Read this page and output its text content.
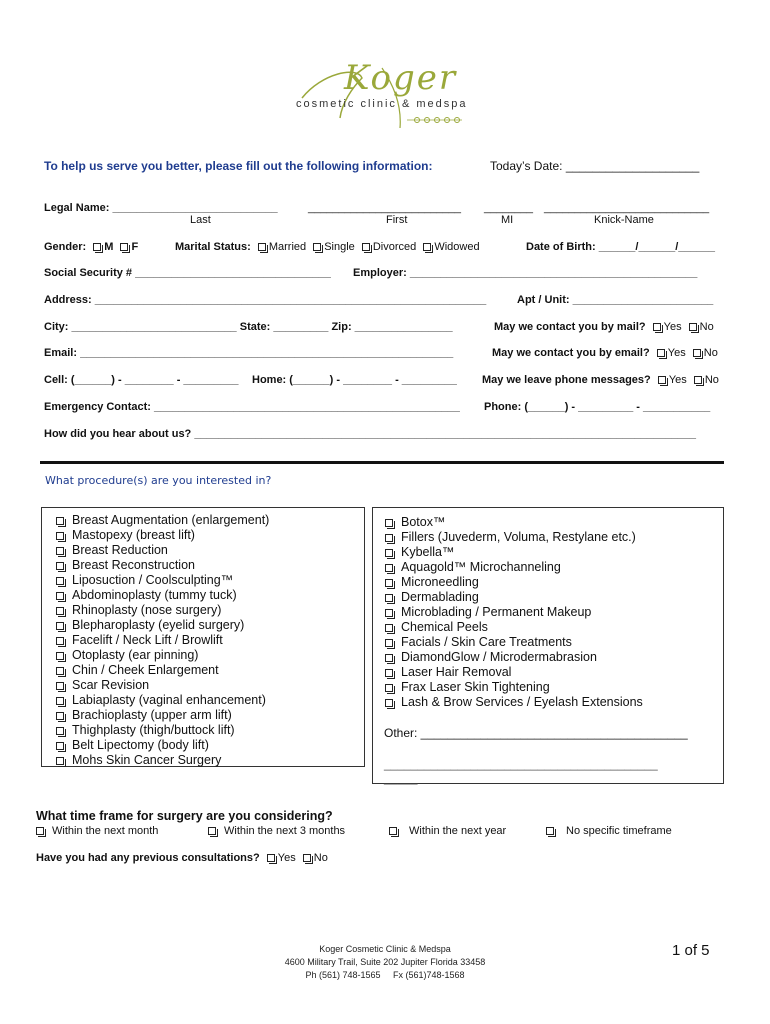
Koger
cosmetic clinic & medspa
To help us serve you better, please fill out the following information:	Today’s Date: ____________________
Legal Name: ___________________________	_________________________ ________ ___________________________
Last	First	MI	Knick-Name
Gender: M F	Marital Status: Married Single Divorced Widowed	Date of Birth: ______/______/______
Social Security # ________________________________ Employer: _______________________________________________
Address: ________________________________________________________________	Apt / Unit: _______________________
City: ___________________________ State: _________ Zip: ________________	May we contact you by mail? Yes No
Email: _____________________________________________________________	May we contact you by email? Yes No
Cell: (______) - ________ - _________ Home: (______) - ________ - _________ May we leave phone messages? Yes No
Emergency Contact: __________________________________________________ Phone: (______) - _________ - ___________
How did you hear about us? __________________________________________________________________________________
What procedure(s) are you interested in?
Breast Augmentation (enlargement)
Mastopexy (breast lift)
Breast Reduction
Breast Reconstruction
Liposuction / Coolsculpting™
Abdominoplasty (tummy tuck)
Rhinoplasty (nose surgery)
Blepharoplasty (eyelid surgery)
Facelift / Neck Lift / Browlift
Otoplasty (ear pinning)
Chin / Cheek Enlargement
Scar Revision
Labiaplasty (vaginal enhancement)
Brachioplasty (upper arm lift)
Thighplasty (thigh/buttock lift)
Belt Lipectomy (body lift)
Mohs Skin Cancer Surgery
Botox™
Fillers (Juvederm, Voluma, Restylane etc.)
Kybella™
Aquagold™ Microchanneling
Microneedling
Dermablading
Microblading / Permanent Makeup
Chemical Peels
Facials / Skin Care Treatments
DiamondGlow / Microdermabrasion
Laser Hair Removal
Frax Laser Skin Tightening
Lash & Brow Services / Eyelash Extensions
Other: ________________________________________
_________________________________________
_____
What time frame for surgery are you considering?
Within the next month	Within the next 3 months	Within the next year	No specific timeframe
Have you had any previous consultations? Yes No
Koger Cosmetic Clinic & Medspa
4600 Military Trail, Suite 202 Jupiter Florida 33458
Ph (561) 748-1565     Fx (561)748-1568
1 of 5
